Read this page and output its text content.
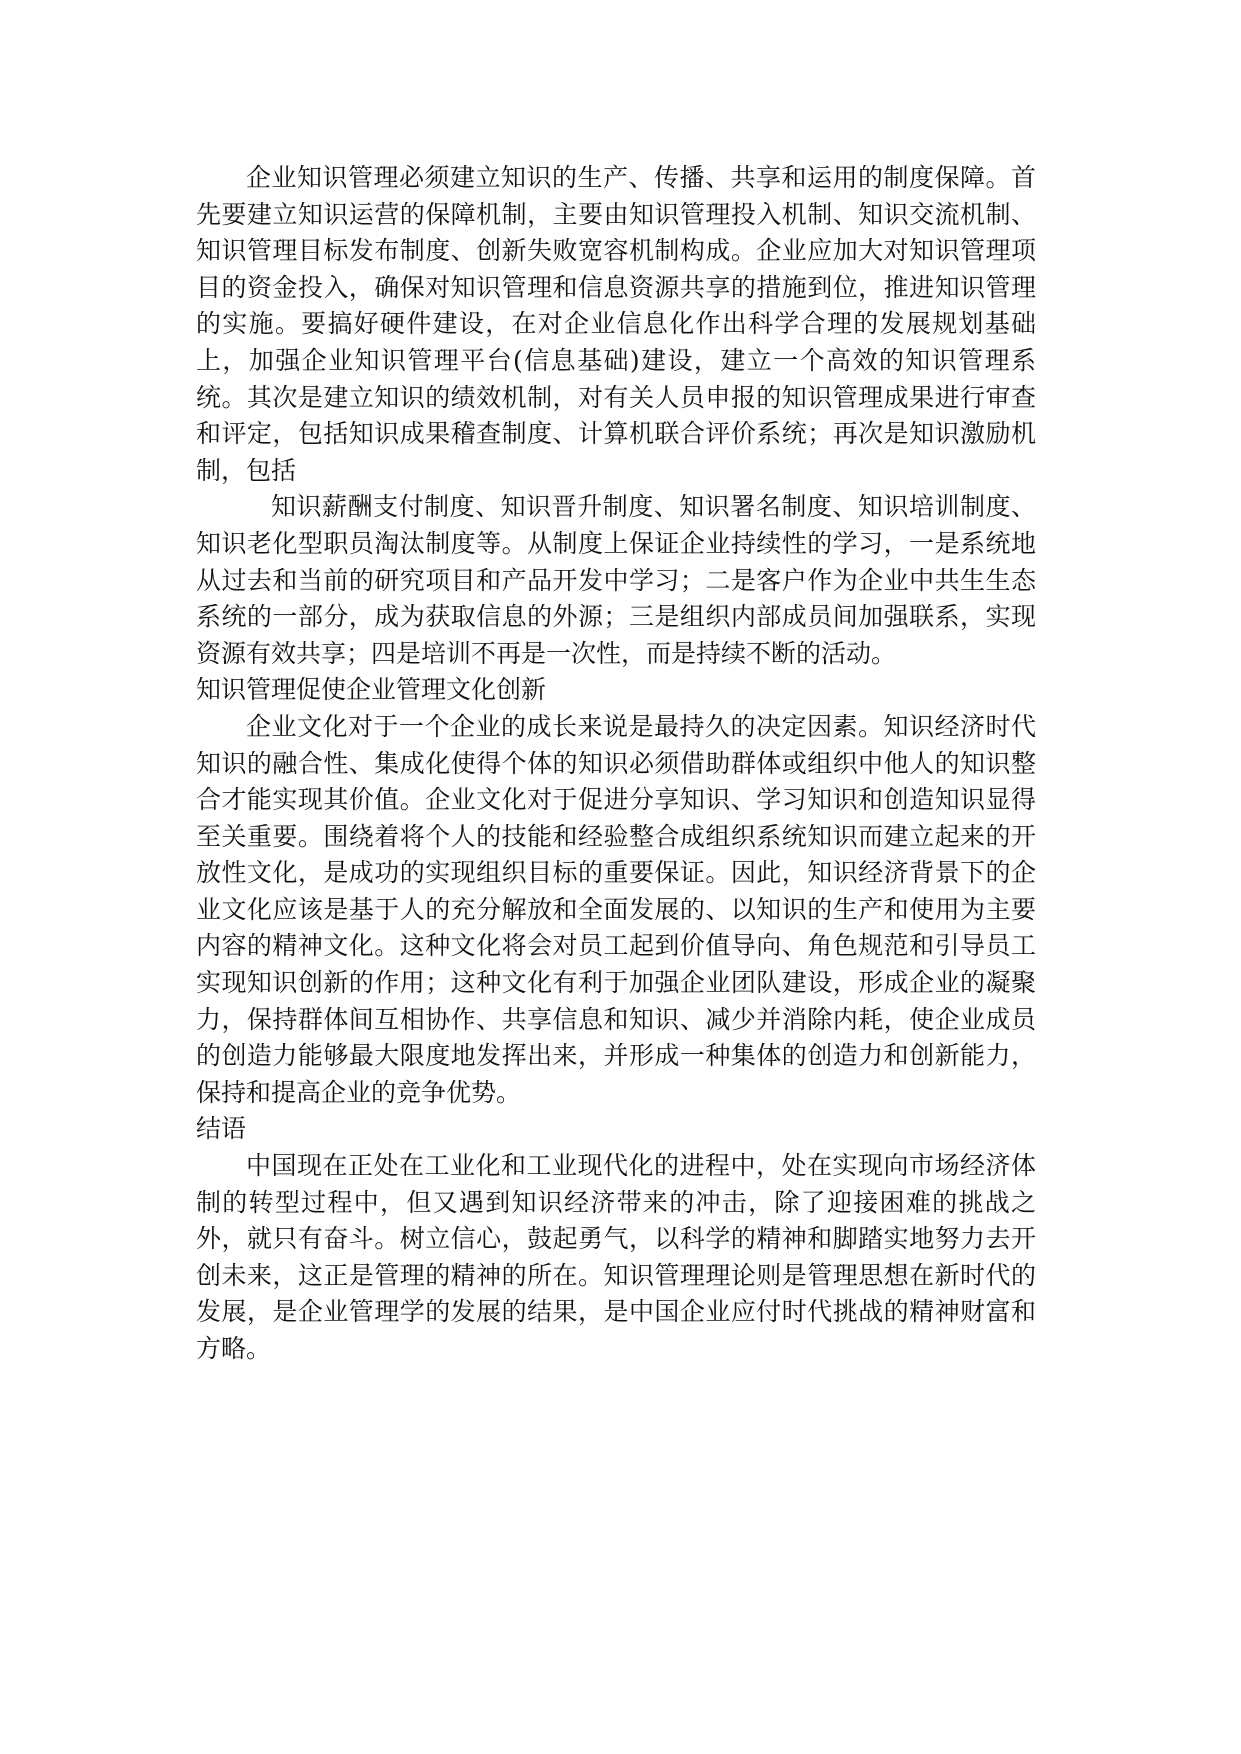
企业知识管理必须建立知识的生产、传播、共享和运用的制度保障。首先要建立知识运营的保障机制，主要由知识管理投入机制、知识交流机制、知识管理目标发布制度、创新失败宽容机制构成。企业应加大对知识管理项目的资金投入，确保对知识管理和信息资源共享的措施到位，推进知识管理的实施。要搞好硬件建设，在对企业信息化作出科学合理的发展规划基础上，加强企业知识管理平台(信息基础)建设，建立一个高效的知识管理系统。其次是建立知识的绩效机制，对有关人员申报的知识管理成果进行审查和评定，包括知识成果稽查制度、计算机联合评价系统；再次是知识激励机制，包括

知识薪酬支付制度、知识晋升制度、知识署名制度、知识培训制度、知识老化型职员淘汰制度等。从制度上保证企业持续性的学习，一是系统地从过去和当前的研究项目和产品开发中学习；二是客户作为企业中共生生态系统的一部分，成为获取信息的外源；三是组织内部成员间加强联系，实现资源有效共享；四是培训不再是一次性，而是持续不断的活动。

知识管理促使企业管理文化创新

企业文化对于一个企业的成长来说是最持久的决定因素。知识经济时代知识的融合性、集成化使得个体的知识必须借助群体或组织中他人的知识整合才能实现其价值。企业文化对于促进分享知识、学习知识和创造知识显得至关重要。围绕着将个人的技能和经验整合成组织系统知识而建立起来的开放性文化，是成功的实现组织目标的重要保证。因此，知识经济背景下的企业文化应该是基于人的充分解放和全面发展的、以知识的生产和使用为主要内容的精神文化。这种文化将会对员工起到价值导向、角色规范和引导员工实现知识创新的作用；这种文化有利于加强企业团队建设，形成企业的凝聚力，保持群体间互相协作、共享信息和知识、减少并消除内耗，使企业成员的创造力能够最大限度地发挥出来，并形成一种集体的创造力和创新能力，保持和提高企业的竞争优势。

结语

中国现在正处在工业化和工业现代化的进程中，处在实现向市场经济体制的转型过程中，但又遇到知识经济带来的冲击，除了迎接困难的挑战之外，就只有奋斗。树立信心，鼓起勇气，以科学的精神和脚踏实地努力去开创未来，这正是管理的精神的所在。知识管理理论则是管理思想在新时代的发展，是企业管理学的发展的结果，是中国企业应付时代挑战的精神财富和方略。
